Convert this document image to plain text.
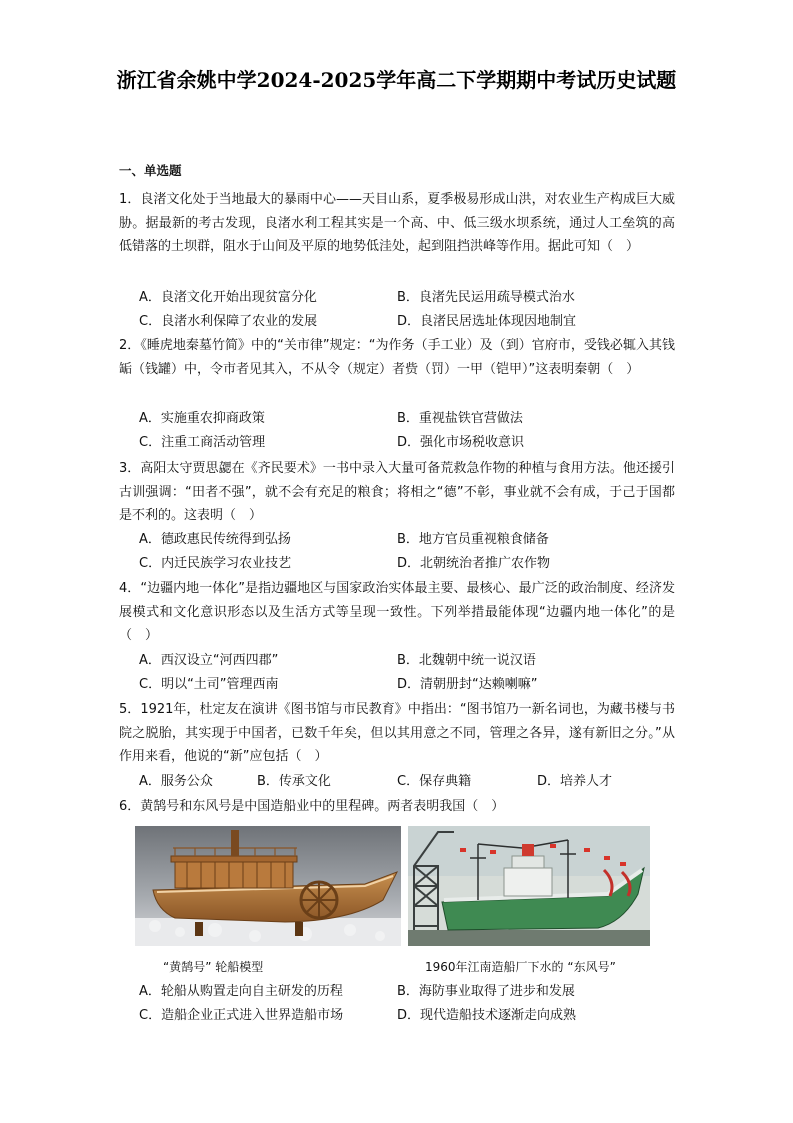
浙江省余姚中学2024-2025学年高二下学期期中考试历史试题
一、单选题
1．良渚文化处于当地最大的暴雨中心——天目山系，夏季极易形成山洪，对农业生产构成巨大威胁。据最新的考古发现，良渚水利工程其实是一个高、中、低三级水坝系统，通过人工垒筑的高低错落的土坝群，阻水于山间及平原的地势低洼处，起到阻挡洪峰等作用。据此可知（　）
A．良渚文化开始出现贫富分化	B．良渚先民运用疏导模式治水
C．良渚水利保障了农业的发展	D．良渚民居选址体现因地制宜
2．《睡虎地秦墓竹简》中的“关市律”规定：“为作务（手工业）及（到）官府市，受钱必辄入其钱缿（钱罐）中，令市者见其入，不从令（规定）者赀（罚）一甲（铠甲）”这表明秦朝（　）
A．实施重农抑商政策	B．重视盐铁官营做法
C．注重工商活动管理	D．强化市场税收意识
3．高阳太守贾思勰在《齐民要术》一书中录入大量可备荒救急作物的种植与食用方法。他还援引古训强调：“田者不强”，就不会有充足的粮食；将相之“德”不彰，事业就不会有成，于己于国都是不利的。这表明（　）
A．德政惠民传统得到弘扬	B．地方官员重视粮食储备
C．内迁民族学习农业技艺	D．北朝统治者推广农作物
4．“边疆内地一体化”是指边疆地区与国家政治实体最主要、最核心、最广泛的政治制度、经济发展模式和文化意识形态以及生活方式等呈现一致性。下列举措最能体现“边疆内地一体化”的是（　）
A．西汉设立“河西四郡”	B．北魏朝中统一说汉语
C．明以“土司”管理西南	D．清朝册封“达赖喇嘛”
5．1921年，杜定友在演讲《图书馆与市民教育》中指出：“图书馆乃一新名词也，为藏书楼与书院之脱胎，其实现于中国者，已数千年矣，但以其用意之不同，管理之各异，遂有新旧之分。”从作用来看，他说的“新”应包括（　）
A．服务公众	B．传承文化	C．保存典籍	D．培养人才
6．黄鹄号和东风号是中国造船业中的里程碑。两者表明我国（　）
“黄鹄号” 轮船模型	1960年江南造船厂下水的 “东风号”
A．轮船从购置走向自主研发的历程	B．海防事业取得了进步和发展
C．造船企业正式进入世界造船市场	D．现代造船技术逐渐走向成熟
